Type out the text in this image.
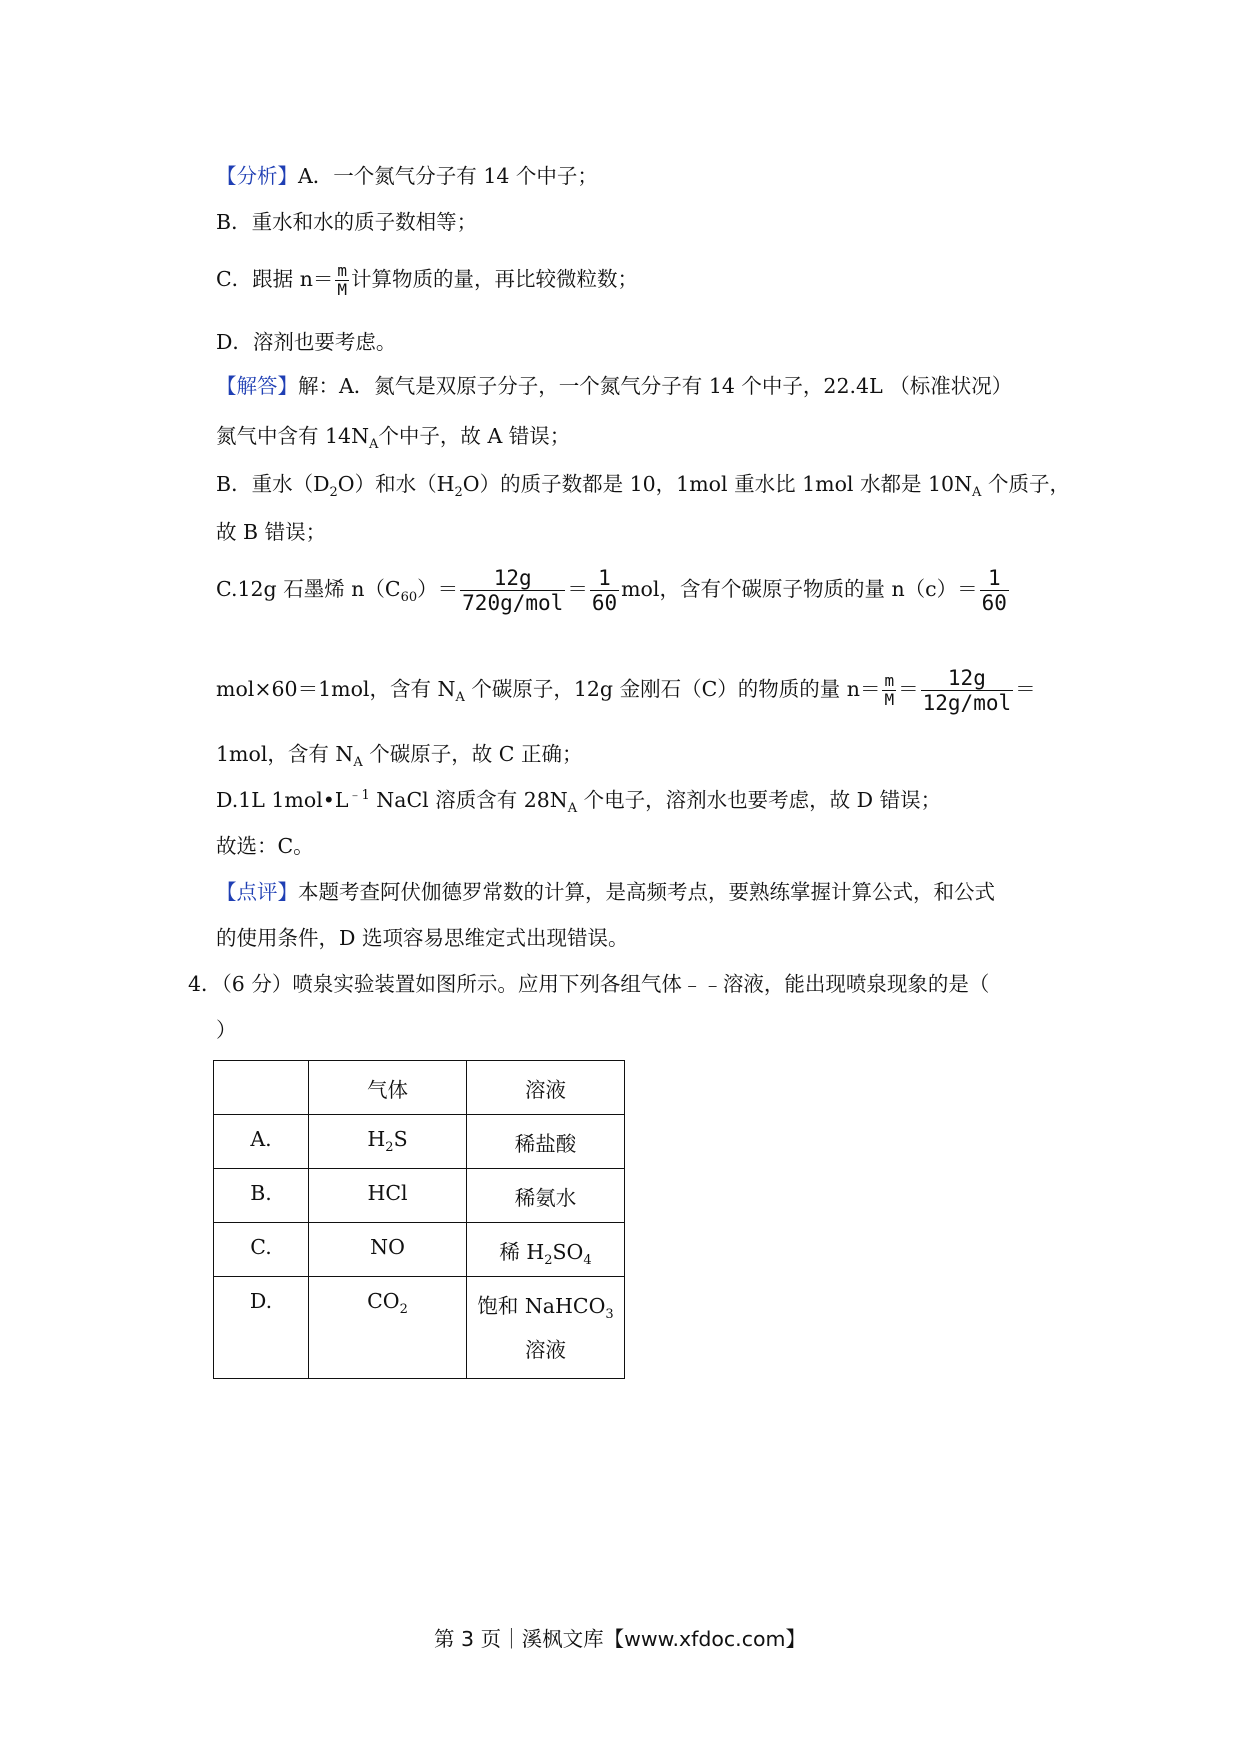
【分析】A．一个氮气分子有 14 个中子；
B．重水和水的质子数相等；
C．跟据 $n= \frac{m}{M}$ 计算物质的量，再比较微粒数；
D．溶剂也要考虑。
【解答】解：A．氮气是双原子分子，一个氮气分子有 14 个中子，22.4L （标准状况）
氮气中含有 $14N_A$个中子，故 A 错误；
B．重水$(D_2O)$和水$(H_2O)$的质子数都是 10，1mol 重水比 1mol 水都是 $10N_A$ 个质子，
故 B 错误；
C.12g 石墨烯 $n(C_{60})= \frac{12g}{\text{720g/mol}} = \frac{1}{60}$ mol，含有个碳原子物质的量 $n(c)= \frac{1}{60}$
mol×60＝1mol，含有 $N_A$ 个碳原子，12g 金刚石（C）的物质的量 $n= \frac{m}{M} = \frac{12g}{\text{12g/mol}}$ ＝
1mol，含有 $N_A$ 个碳原子，故 C 正确；
D.1L $1mol•L^{﹣1}$ NaCl 溶质含有 $28N_A$ 个电子，溶剂水也要考虑，故 D 错误；
故选：C。
【点评】本题考查阿伏伽德罗常数的计算，是高频考点，要熟练掌握计算公式，和公式
的使用条件，D 选项容易思维定式出现错误。
4．（6 分）喷泉实验装置如图所示。应用下列各组气体﹣﹣溶液，能出现喷泉现象的是（
）
	气体	溶液
A.	$H_2S$	稀盐酸
B.	HCl	稀氨水
C.	NO	稀 $H_2SO_4$
D.	$CO_2$	饱和 NaHCO$_3$
溶液
第 3 页｜溪枫文库【www.xfdoc.com】
